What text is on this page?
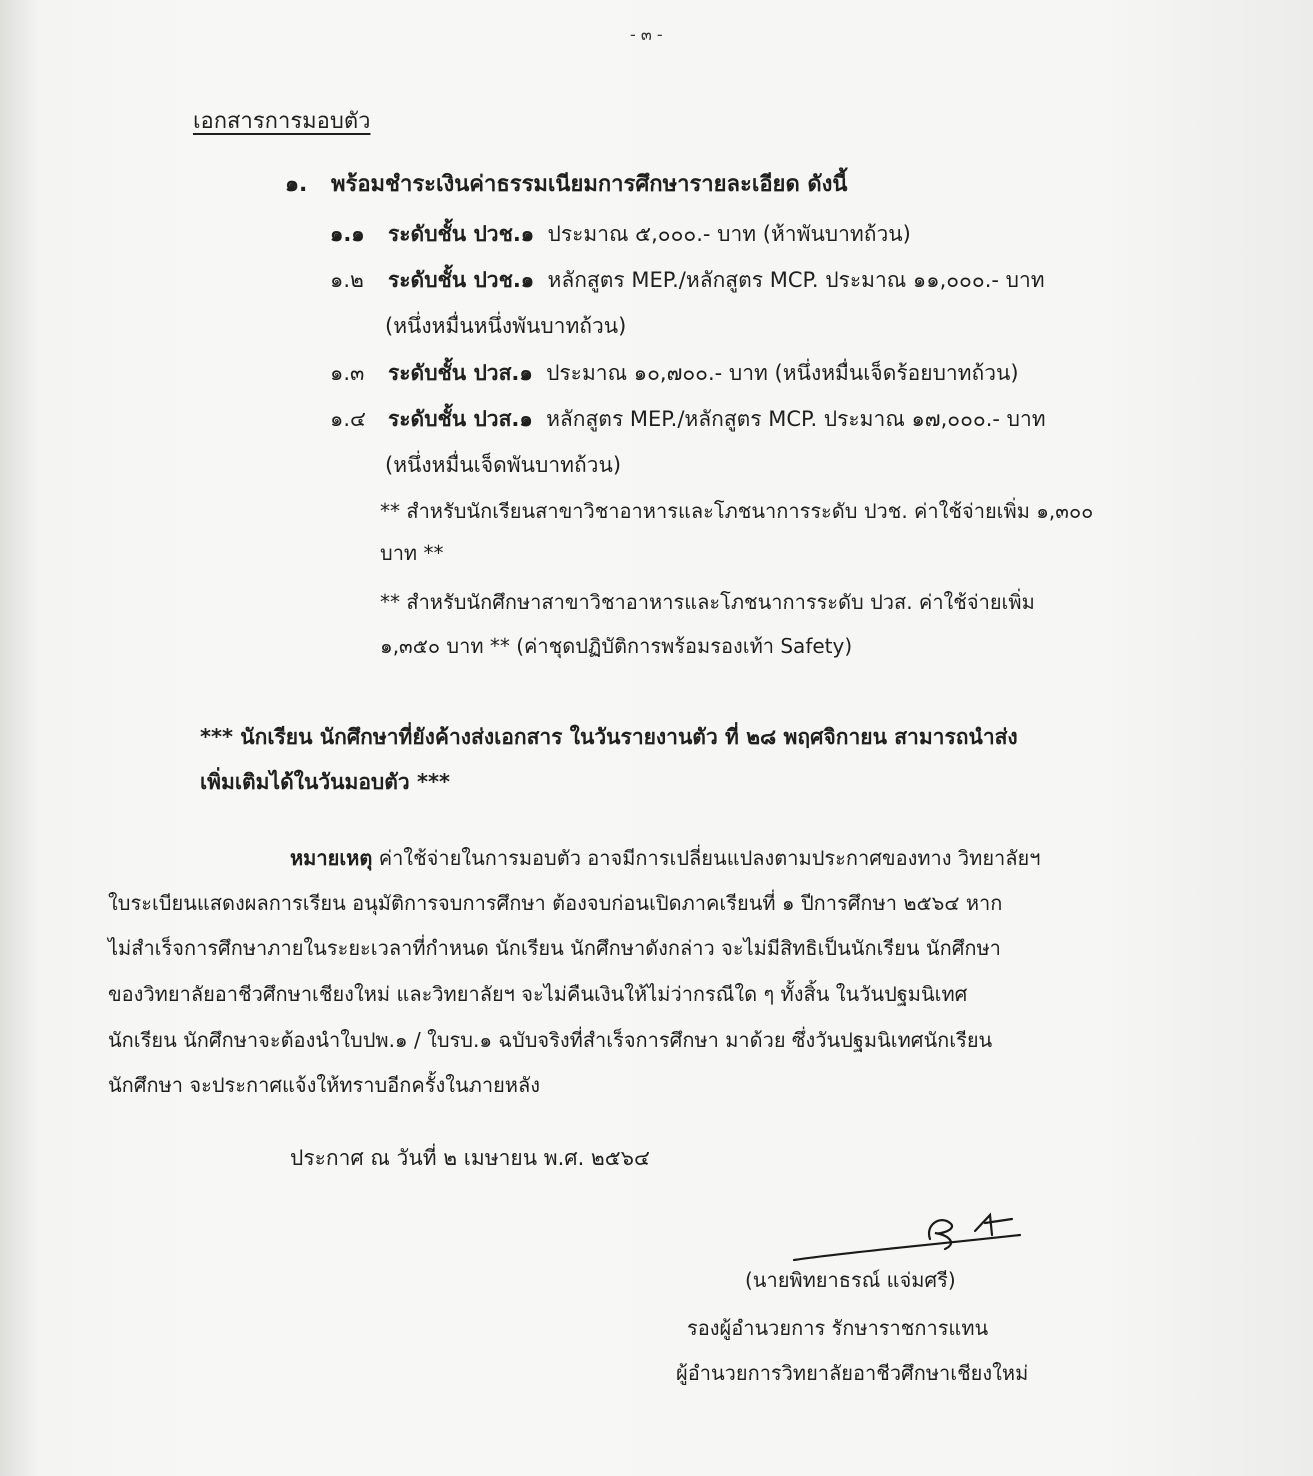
- ๓ -

เอกสารการมอบตัว

๑. พร้อมชำระเงินค่าธรรมเนียมการศึกษารายละเอียด ดังนี้

๑.๑ ระดับชั้น ปวช.๑ ประมาณ ๕,๐๐๐.- บาท (ห้าพันบาทถ้วน)

๑.๒ ระดับชั้น ปวช.๑ หลักสูตร MEP./หลักสูตร MCP. ประมาณ ๑๑,๐๐๐.- บาท

(หนึ่งหมื่นหนึ่งพันบาทถ้วน)

๑.๓ ระดับชั้น ปวส.๑ ประมาณ ๑๐,๗๐๐.- บาท (หนึ่งหมื่นเจ็ดร้อยบาทถ้วน)

๑.๔ ระดับชั้น ปวส.๑ หลักสูตร MEP./หลักสูตร MCP. ประมาณ ๑๗,๐๐๐.- บาท

(หนึ่งหมื่นเจ็ดพันบาทถ้วน)

** สำหรับนักเรียนสาขาวิชาอาหารและโภชนาการระดับ ปวช. ค่าใช้จ่ายเพิ่ม ๑,๓๐๐

บาท **

** สำหรับนักศึกษาสาขาวิชาอาหารและโภชนาการระดับ ปวส. ค่าใช้จ่ายเพิ่ม

๑,๓๕๐ บาท ** (ค่าชุดปฏิบัติการพร้อมรองเท้า Safety)

*** นักเรียน นักศึกษาที่ยังค้างส่งเอกสาร ในวันรายงานตัว ที่ ๒๘ พฤศจิกายน สามารถนำส่ง

เพิ่มเติมได้ในวันมอบตัว ***

หมายเหตุ ค่าใช้จ่ายในการมอบตัว อาจมีการเปลี่ยนแปลงตามประกาศของทาง วิทยาลัยฯ

ใบระเบียนแสดงผลการเรียน อนุมัติการจบการศึกษา ต้องจบก่อนเปิดภาคเรียนที่ ๑ ปีการศึกษา ๒๕๖๔ หาก

ไม่สำเร็จการศึกษาภายในระยะเวลาที่กำหนด นักเรียน นักศึกษาดังกล่าว จะไม่มีสิทธิเป็นนักเรียน นักศึกษา

ของวิทยาลัยอาชีวศึกษาเชียงใหม่ และวิทยาลัยฯ จะไม่คืนเงินให้ไม่ว่ากรณีใด ๆ ทั้งสิ้น ในวันปฐมนิเทศ

นักเรียน นักศึกษาจะต้องนำใบปพ.๑ / ใบรบ.๑ ฉบับจริงที่สำเร็จการศึกษา มาด้วย ซึ่งวันปฐมนิเทศนักเรียน

นักศึกษา จะประกาศแจ้งให้ทราบอีกครั้งในภายหลัง

ประกาศ ณ วันที่ ๒ เมษายน พ.ศ. ๒๕๖๔

(นายพิทยาธรณ์ แจ่มศรี)

รองผู้อำนวยการ รักษาราชการแทน

ผู้อำนวยการวิทยาลัยอาชีวศึกษาเชียงใหม่
